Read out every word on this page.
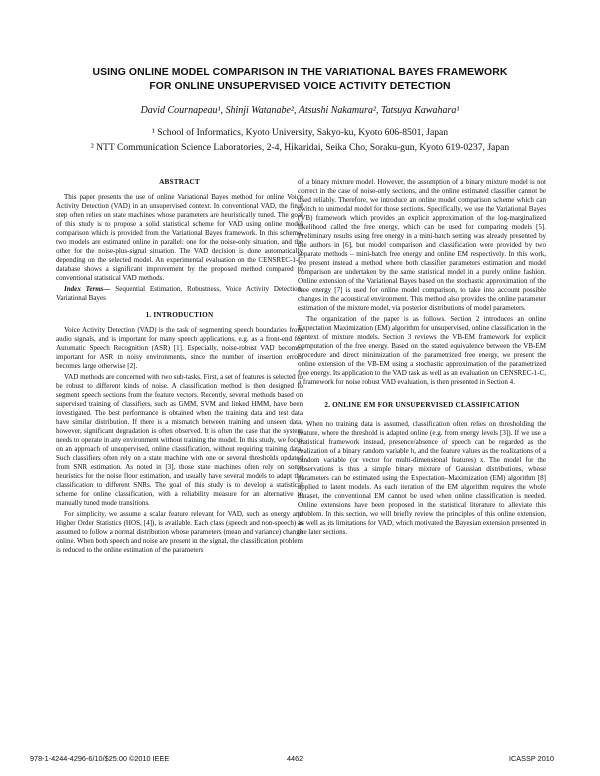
USING ONLINE MODEL COMPARISON IN THE VARIATIONAL BAYES FRAMEWORK
FOR ONLINE UNSUPERVISED VOICE ACTIVITY DETECTION
David Cournapeau¹, Shinji Watanabe², Atsushi Nakamura², Tatsuya Kawahara¹
¹ School of Informatics, Kyoto University, Sakyo-ku, Kyoto 606-8501, Japan
² NTT Communication Science Laboratories, 2-4, Hikaridai, Seika Cho, Soraku-gun, Kyoto 619-0237, Japan
ABSTRACT

This paper presents the use of online Variational Bayes method for online Voice Activity Detection (VAD) in an unsupervised context. In conventional VAD, the final step often relies on state machines whose parameters are heuristically tuned. The goal of this study is to propose a solid statistical scheme for VAD using online model comparison which is provided from the Variational Bayes framework. In this scheme, two models are estimated online in parallel: one for the noise-only situation, and the other for the noise-plus-signal situation. The VAD decision is done automatically depending on the selected model. An experimental evaluation on the CENSREC-1-C database shows a significant improvement by the proposed method compared to conventional statistical VAD methods.

Index Terms— Sequential Estimation, Robustness, Voice Activity Detection, Variational Bayes

1. INTRODUCTION

Voice Activity Detection (VAD) is the task of segmenting speech boundaries from audio signals, and is important for many speech applications, e.g. as a front-end for Automatic Speech Recognition (ASR) [1]. Especially, noise-robust VAD becomes important for ASR in noisy environments, since the number of insertion errors becomes large otherwise [2].

VAD methods are concerned with two sub-tasks. First, a set of features is selected to be robust to different kinds of noise. A classification method is then designed to segment speech sections from the feature vectors. Recently, several methods based on supervised training of classifiers, such as GMM, SVM and linked HMM, have been investigated. The best performance is obtained when the training data and test data have similar distribution. If there is a mismatch between training and unseen data, however, significant degradation is often observed. It is often the case that the system needs to operate in any environment without training the model. In this study, we focus on an approach of unsupervised, online classification, without requiring training data. Such classifiers often rely on a state machine with one or several thresholds updated from SNR estimation. As noted in [3], those state machines often rely on some heuristics for the noise floor estimation, and usually have several models to adapt the classification to different SNRs. The goal of this study is to develop a statistical scheme for online classification, with a reliability measure for an alternative to manually tuned mode transitions.

For simplicity, we assume a scalar feature relevant for VAD, such as energy and Higher Order Statistics (HOS, [4]), is available. Each class (speech and non-speech) is assumed to follow a normal distribution whose parameters (mean and variance) change online. When both speech and noise are present in the signal, the classification problem is reduced to the online estimation of the parameters

of a binary mixture model. However, the assumption of a binary mixture model is not correct in the case of noise-only sections, and the online estimated classifier cannot be used reliably. Therefore, we introduce an online model comparison scheme which can switch to unimodal model for those sections. Specifically, we use the Variational Bayes (VB) framework which provides an explicit approximation of the log-marginalized likelihood called the free energy, which can be used for comparing models [5]. Preliminary results using free energy in a mini-batch setting was already presented by the authors in [6], but model comparison and classification were provided by two separate methods – mini-batch free energy and online EM respectively. In this work, we present instead a method where both classifier parameters estimation and model comparison are undertaken by the same statistical model in a purely online fashion. Online extension of the Variational Bayes based on the stochastic approximation of the free energy [7] is used for online model comparison, to take into account possible changes in the acoustical environment. This method also provides the online parameter estimation of the mixture model, via posterior distributions of model parameters.

The organization of the paper is as follows. Section 2 introduces an online Expectation Maximization (EM) algorithm for unsupervised, online classification in the context of mixture models. Section 3 reviews the VB-EM framework for explicit computation of the free energy. Based on the stated equivalence between the VB-EM procedure and direct minimization of the parametrized free energy, we present the online extension of the VB-EM using a stochastic approximation of the parametrized free energy. Its application to the VAD task as well as an evaluation on CENSREC-1-C, a framework for noise robust VAD evaluation, is then presented in Section 4.

2. ONLINE EM FOR UNSUPERVISED CLASSIFICATION

When no training data is assumed, classification often relies on thresholding the feature, where the threshold is adapted online (e.g. from energy levels [3]). If we use a statistical framework instead, presence/absence of speech can be regarded as the realization of a binary random variable h, and the feature values as the realizations of a random variable (or vector for multi-dimensional features) x. The model for the observations is thus a simple binary mixture of Gaussian distributions, whose parameters can be estimated using the Expectation–Maximization (EM) algorithm [8] applied to latent models. As each iteration of the EM algorithm requires the whole dataset, the conventional EM cannot be used when online classification is needed. Online extensions have been proposed in the statistical literature to alleviate this problem. In this section, we will briefly review the principles of this online extension, as well as its limitations for VAD, which motivated the Bayesian extension presented in the later sections.

978-1-4244-4296-6/10/$25.00 ©2010 IEEE	4462	ICASSP 2010
